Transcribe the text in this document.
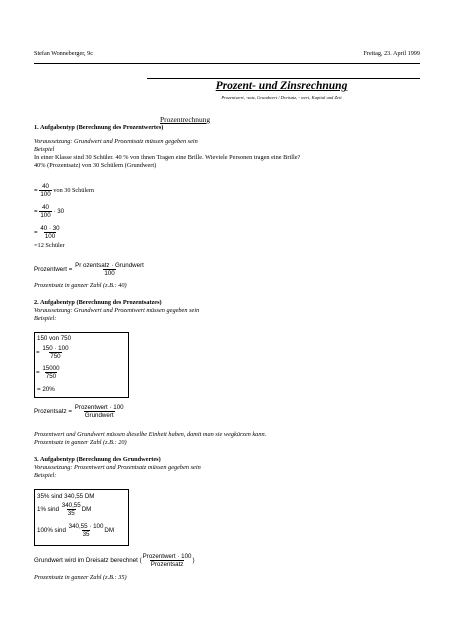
Stefan Wonneberger, 9c	Freitag, 23. April 1999
Prozent- und Zinsrechnung
Prozentwert, -satz, Grundwert / Dreisatz, - wert, Kapital und Zeit
Prozentrechnung
1. Aufgabentyp (Berechnung des Prozentwertes)
Voraussetzung: Grundwert und Prozentsatz müssen gegeben sein
Beispiel
In einer Klasse sind 30 Schüler. 40 % von ihnen Tragen eine Brille. Wieviele Personen tragen eine Brille?
40% (Prozentsatz) von 30 Schülern (Grundwert)
= $\frac{40}{100}$ von 30 Schülern
= $\frac{40}{100} \cdot 30$
= $\frac{40 \cdot 30}{100}$
=12 Schüler
Prozentwert = $\frac{\text{Pr ozentsatz · Grundwert}}{100}$
Prozentsatz in ganzer Zahl (z.B.: 40)
2. Aufgabentyp (Berechnung des Prozentsatzes)
Voraussetzung: Grundwert und Prozentwert müssen gegeben sein
Beispiel:
150 von 750
= $\frac{150 \cdot 100}{750}$
= $\frac{15000}{750}$
= 20%
Prozentsatz = $\frac{\text{Prozentwert · 100}}{\text{Grundwert}}$
Prozentwert und Grundwert müssen dieselbe Einheit haben, damit man sie wegkürzen kann.
Prozentsatz in ganzer Zahl (z.B.: 20)
3. Aufgabentyp (Berechnung des Grundwertes)
Voraussetzung: Prozentwert und Prozentsatz müssen gegeben sein
Beispiel:
35% sind 340,55 DM
1% sind $\frac{340,55}{35}$ DM
100% sind $\frac{340,55 \cdot 100}{35}$ DM
Grundwert wird im Dreisatz berechnet ( $\frac{\text{Prozentwert · 100}}{\text{Prozentsatz}}$ )
Prozentsatz in ganzer Zahl (z.B.: 35)
